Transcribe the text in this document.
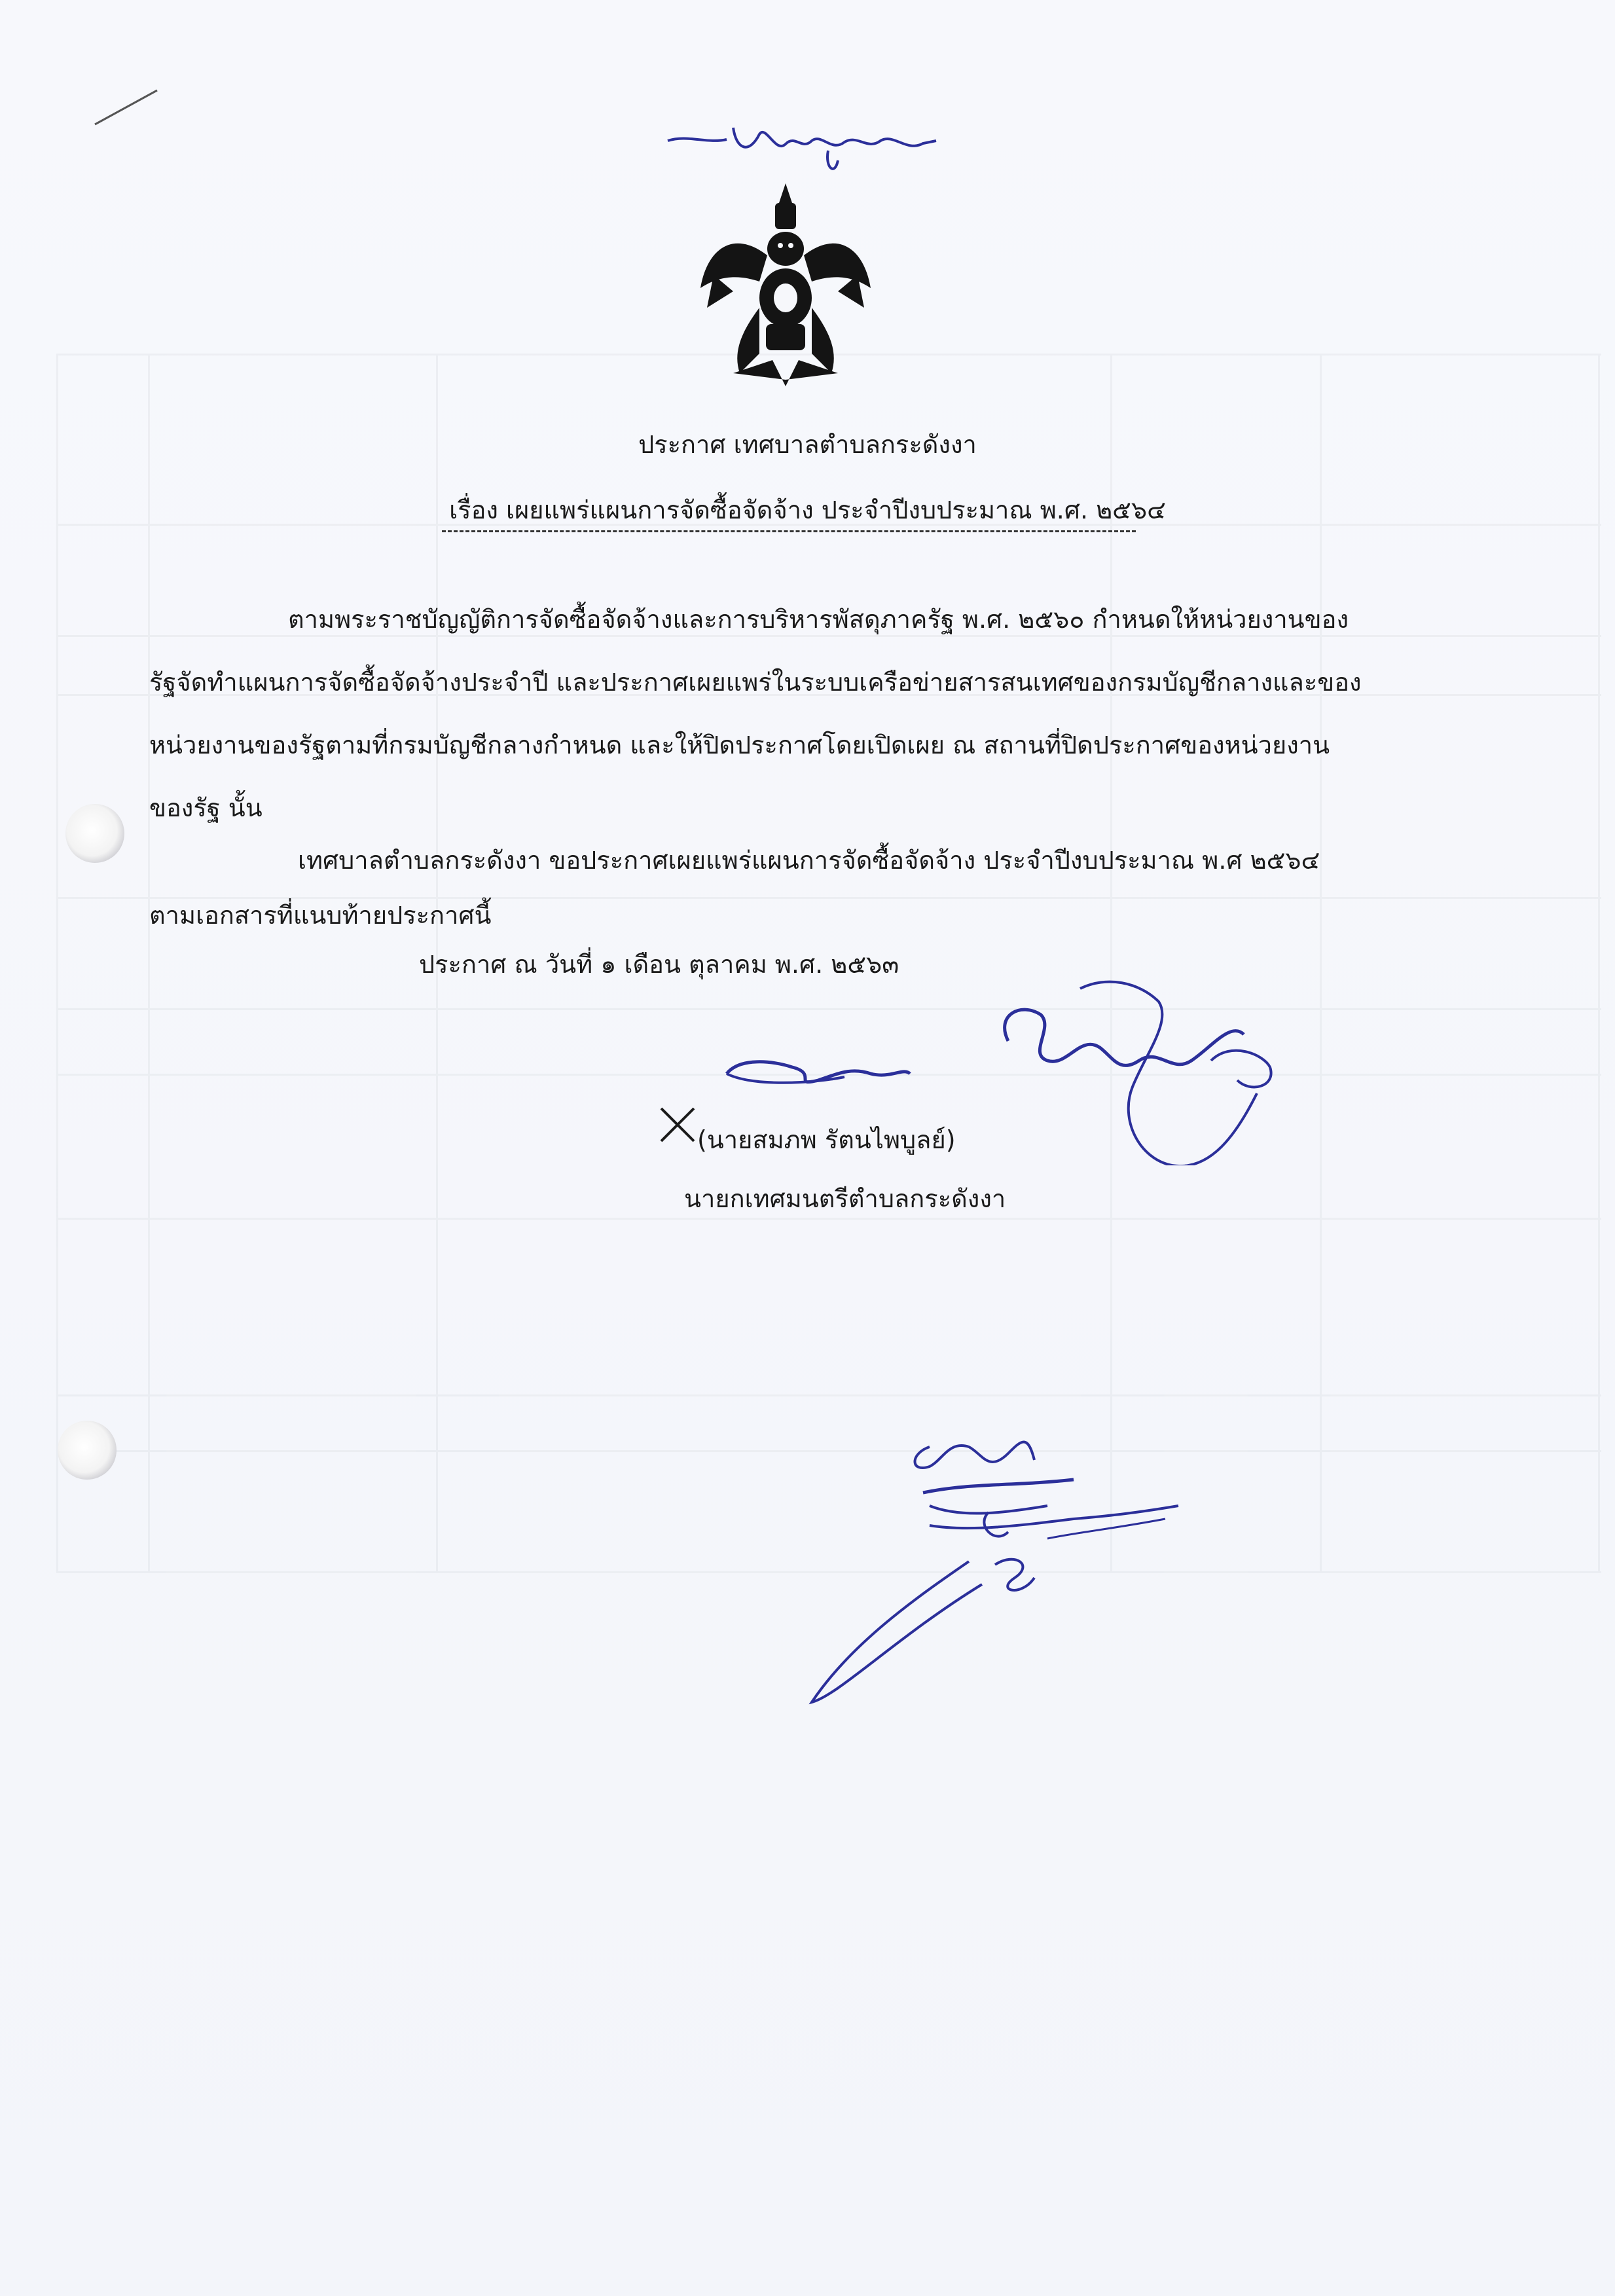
ประกาศ เทศบาลตำบลกระดังงา
เรื่อง เผยแพร่แผนการจัดซื้อจัดจ้าง ประจำปีงบประมาณ พ.ศ. ๒๕๖๔
ตามพระราชบัญญัติการจัดซื้อจัดจ้างและการบริหารพัสดุภาครัฐ พ.ศ. ๒๕๖๐ กำหนดให้หน่วยงานของ
รัฐจัดทำแผนการจัดซื้อจัดจ้างประจำปี และประกาศเผยแพร่ในระบบเครือข่ายสารสนเทศของกรมบัญชีกลางและของ
หน่วยงานของรัฐตามที่กรมบัญชีกลางกำหนด และให้ปิดประกาศโดยเปิดเผย ณ สถานที่ปิดประกาศของหน่วยงาน
ของรัฐ นั้น
เทศบาลตำบลกระดังงา ขอประกาศเผยแพร่แผนการจัดซื้อจัดจ้าง ประจำปีงบประมาณ พ.ศ ๒๕๖๔
ตามเอกสารที่แนบท้ายประกาศนี้
ประกาศ ณ วันที่ ๑ เดือน ตุลาคม พ.ศ. ๒๕๖๓
(นายสมภพ รัตนไพบูลย์)
นายกเทศมนตรีตำบลกระดังงา
